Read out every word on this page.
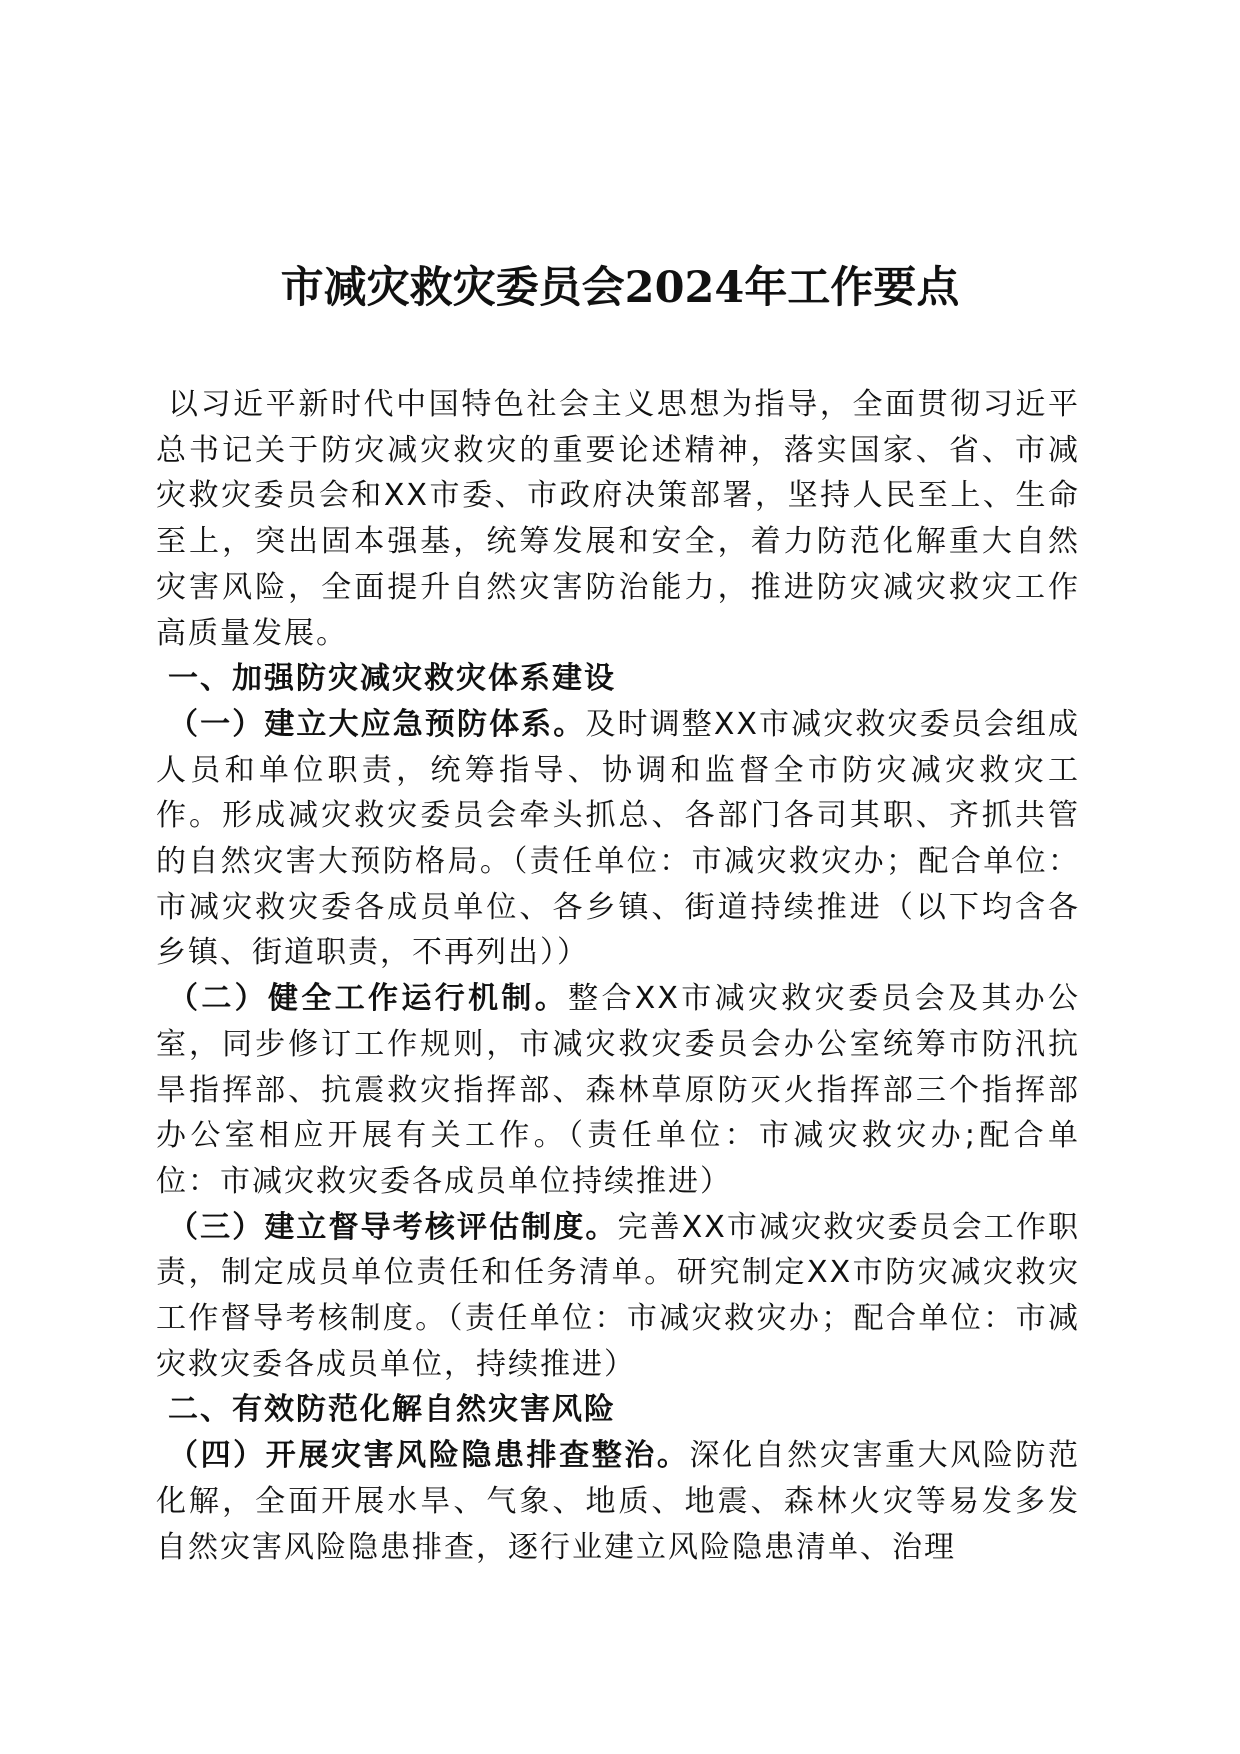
市减灾救灾委员会2024年工作要点

以习近平新时代中国特色社会主义思想为指导，全面贯彻习近平总书记关于防灾减灾救灾的重要论述精神，落实国家、省、市减灾救灾委员会和XX市委、市政府决策部署，坚持人民至上、生命至上，突出固本强基，统筹发展和安全，着力防范化解重大自然灾害风险，全面提升自然灾害防治能力，推进防灾减灾救灾工作高质量发展。

一、加强防灾减灾救灾体系建设

（一）建立大应急预防体系。及时调整XX市减灾救灾委员会组成人员和单位职责，统筹指导、协调和监督全市防灾减灾救灾工作。形成减灾救灾委员会牵头抓总、各部门各司其职、齐抓共管的自然灾害大预防格局。（责任单位：市减灾救灾办；配合单位：市减灾救灾委各成员单位、各乡镇、街道持续推进（以下均含各乡镇、街道职责，不再列出））

（二）健全工作运行机制。整合XX市减灾救灾委员会及其办公室，同步修订工作规则，市减灾救灾委员会办公室统筹市防汛抗旱指挥部、抗震救灾指挥部、森林草原防灭火指挥部三个指挥部办公室相应开展有关工作。（责任单位：市减灾救灾办;配合单位：市减灾救灾委各成员单位持续推进）

（三）建立督导考核评估制度。完善XX市减灾救灾委员会工作职责，制定成员单位责任和任务清单。研究制定XX市防灾减灾救灾工作督导考核制度。（责任单位：市减灾救灾办；配合单位：市减灾救灾委各成员单位，持续推进）

二、有效防范化解自然灾害风险

（四）开展灾害风险隐患排查整治。深化自然灾害重大风险防范化解，全面开展水旱、气象、地质、地震、森林火灾等易发多发自然灾害风险隐患排查，逐行业建立风险隐患清单、治理
